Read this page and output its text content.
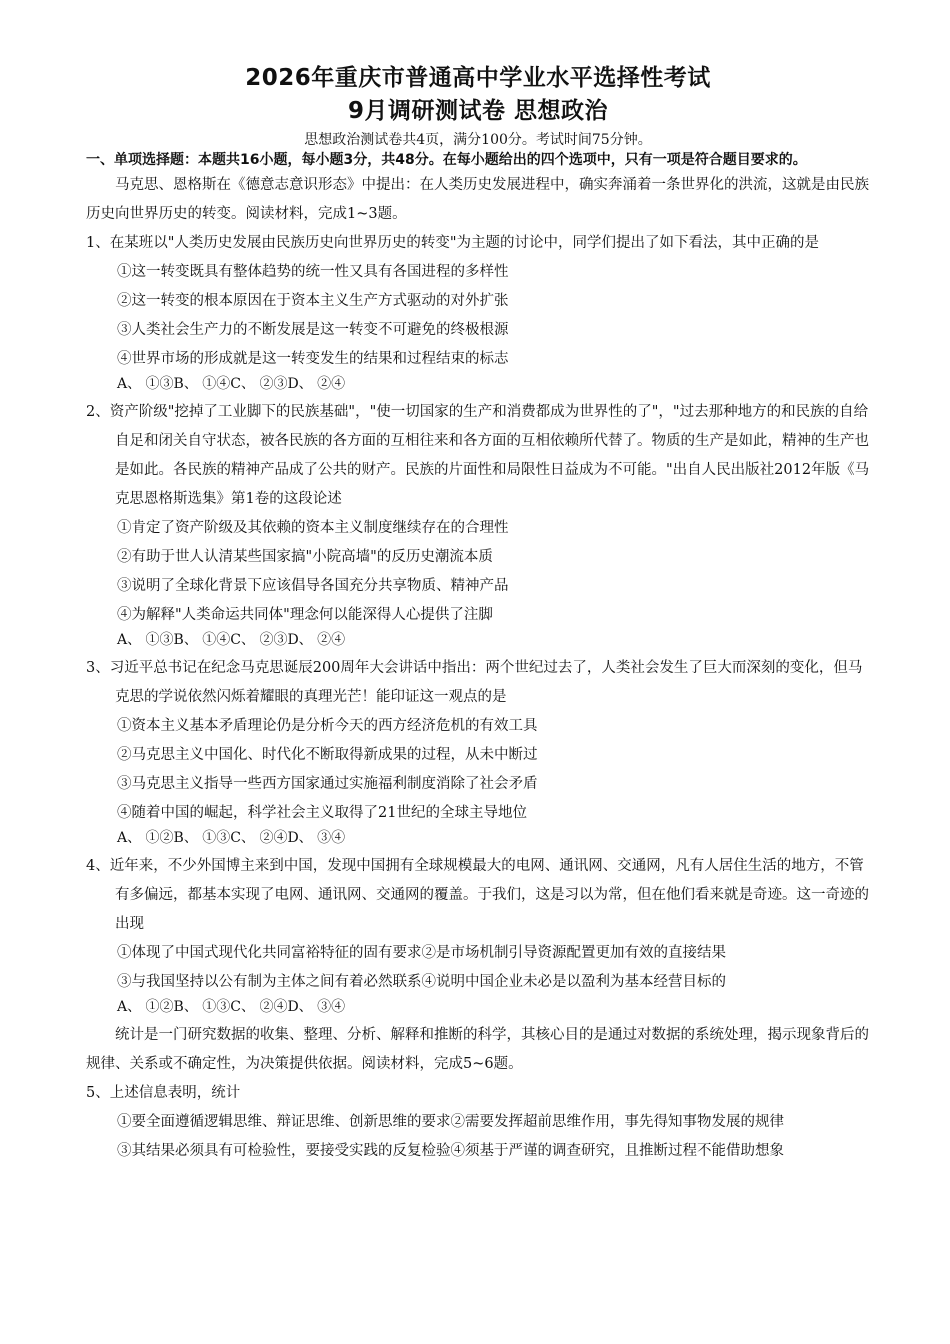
2026年重庆市普通高中学业水平选择性考试
9月调研测试卷 思想政治
思想政治测试卷共4页，满分100分。考试时间75分钟。
一、单项选择题：本题共16小题，每小题3分，共48分。在每小题给出的四个选项中，只有一项是符合题目要求的。
马克思、恩格斯在《德意志意识形态》中提出：在人类历史发展进程中，确实奔涌着一条世界化的洪流，这就是由民族历史向世界历史的转变。阅读材料，完成1~3题。
1、在某班以"人类历史发展由民族历史向世界历史的转变"为主题的讨论中，同学们提出了如下看法，其中正确的是
①这一转变既具有整体趋势的统一性又具有各国进程的多样性
②这一转变的根本原因在于资本主义生产方式驱动的对外扩张
③人类社会生产力的不断发展是这一转变不可避免的终极根源
④世界市场的形成就是这一转变发生的结果和过程结束的标志
A、 ①③B、 ①④C、 ②③D、 ②④
2、资产阶级"挖掉了工业脚下的民族基础"，"使一切国家的生产和消费都成为世界性的了"，"过去那种地方的和民族的自给自足和闭关自守状态，被各民族的各方面的互相往来和各方面的互相依赖所代替了。物质的生产是如此，精神的生产也是如此。各民族的精神产品成了公共的财产。民族的片面性和局限性日益成为不可能。"出自人民出版社2012年版《马克思恩格斯选集》第1卷的这段论述
①肯定了资产阶级及其依赖的资本主义制度继续存在的合理性
②有助于世人认清某些国家搞"小院高墙"的反历史潮流本质
③说明了全球化背景下应该倡导各国充分共享物质、精神产品
④为解释"人类命运共同体"理念何以能深得人心提供了注脚
A、 ①③B、 ①④C、 ②③D、 ②④
3、习近平总书记在纪念马克思诞辰200周年大会讲话中指出：两个世纪过去了，人类社会发生了巨大而深刻的变化，但马克思的学说依然闪烁着耀眼的真理光芒！能印证这一观点的是
①资本主义基本矛盾理论仍是分析今天的西方经济危机的有效工具
②马克思主义中国化、时代化不断取得新成果的过程，从未中断过
③马克思主义指导一些西方国家通过实施福利制度消除了社会矛盾
④随着中国的崛起，科学社会主义取得了21世纪的全球主导地位
A、 ①②B、 ①③C、 ②④D、 ③④
4、近年来，不少外国博主来到中国，发现中国拥有全球规模最大的电网、通讯网、交通网，凡有人居住生活的地方，不管有多偏远，都基本实现了电网、通讯网、交通网的覆盖。于我们，这是习以为常，但在他们看来就是奇迹。这一奇迹的出现
①体现了中国式现代化共同富裕特征的固有要求②是市场机制引导资源配置更加有效的直接结果
③与我国坚持以公有制为主体之间有着必然联系④说明中国企业未必是以盈利为基本经营目标的
A、 ①②B、 ①③C、 ②④D、 ③④
统计是一门研究数据的收集、整理、分析、解释和推断的科学，其核心目的是通过对数据的系统处理，揭示现象背后的规律、关系或不确定性，为决策提供依据。阅读材料，完成5~6题。
5、上述信息表明，统计
①要全面遵循逻辑思维、辩证思维、创新思维的要求②需要发挥超前思维作用，事先得知事物发展的规律
③其结果必须具有可检验性，要接受实践的反复检验④须基于严谨的调查研究，且推断过程不能借助想象
